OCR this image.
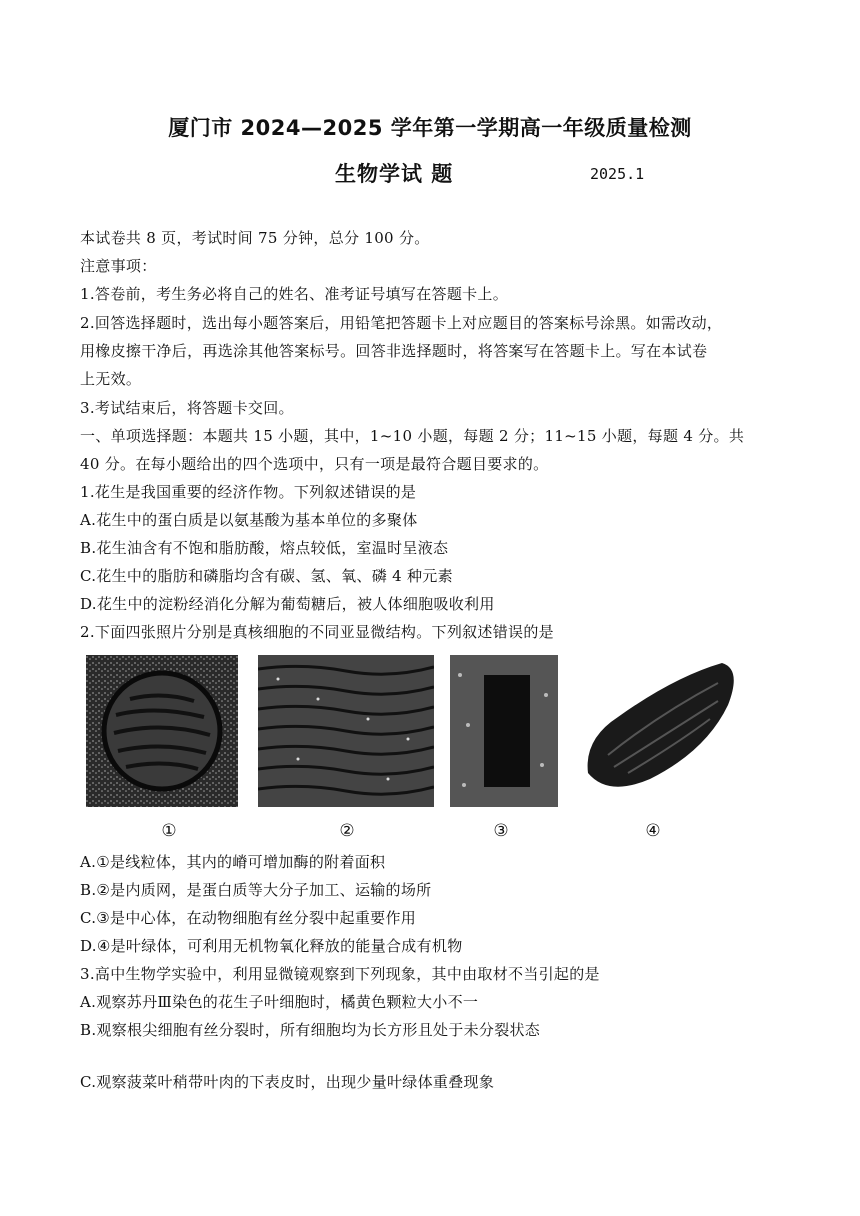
厦门市 2024—2025 学年第一学期高一年级质量检测
生物学试 题	2025.1
本试卷共 8 页，考试时间 75 分钟，总分 100 分。
注意事项：
1.答卷前，考生务必将自己的姓名、准考证号填写在答题卡上。
2.回答选择题时，选出每小题答案后，用铅笔把答题卡上对应题目的答案标号涂黑。如需改动，
用橡皮擦干净后，再选涂其他答案标号。回答非选择题时，将答案写在答题卡上。写在本试卷
上无效。
3.考试结束后，将答题卡交回。
一、单项选择题：本题共 15 小题，其中，1~10 小题，每题 2 分；11~15 小题，每题 4 分。共
40 分。在每小题给出的四个选项中，只有一项是最符合题目要求的。
1.花生是我国重要的经济作物。下列叙述错误的是
A.花生中的蛋白质是以氨基酸为基本单位的多聚体
B.花生油含有不饱和脂肪酸，熔点较低，室温时呈液态
C.花生中的脂肪和磷脂均含有碳、氢、氧、磷 4 种元素
D.花生中的淀粉经消化分解为葡萄糖后，被人体细胞吸收利用
2.下面四张照片分别是真核细胞的不同亚显微结构。下列叙述错误的是
①	②	③	④
A.①是线粒体，其内的嵴可增加酶的附着面积
B.②是内质网，是蛋白质等大分子加工、运输的场所
C.③是中心体，在动物细胞有丝分裂中起重要作用
D.④是叶绿体，可利用无机物氧化释放的能量合成有机物
3.高中生物学实验中，利用显微镜观察到下列现象，其中由取材不当引起的是
A.观察苏丹Ⅲ染色的花生子叶细胞时，橘黄色颗粒大小不一
B.观察根尖细胞有丝分裂时，所有细胞均为长方形且处于未分裂状态
C.观察菠菜叶稍带叶肉的下表皮时，出现少量叶绿体重叠现象
